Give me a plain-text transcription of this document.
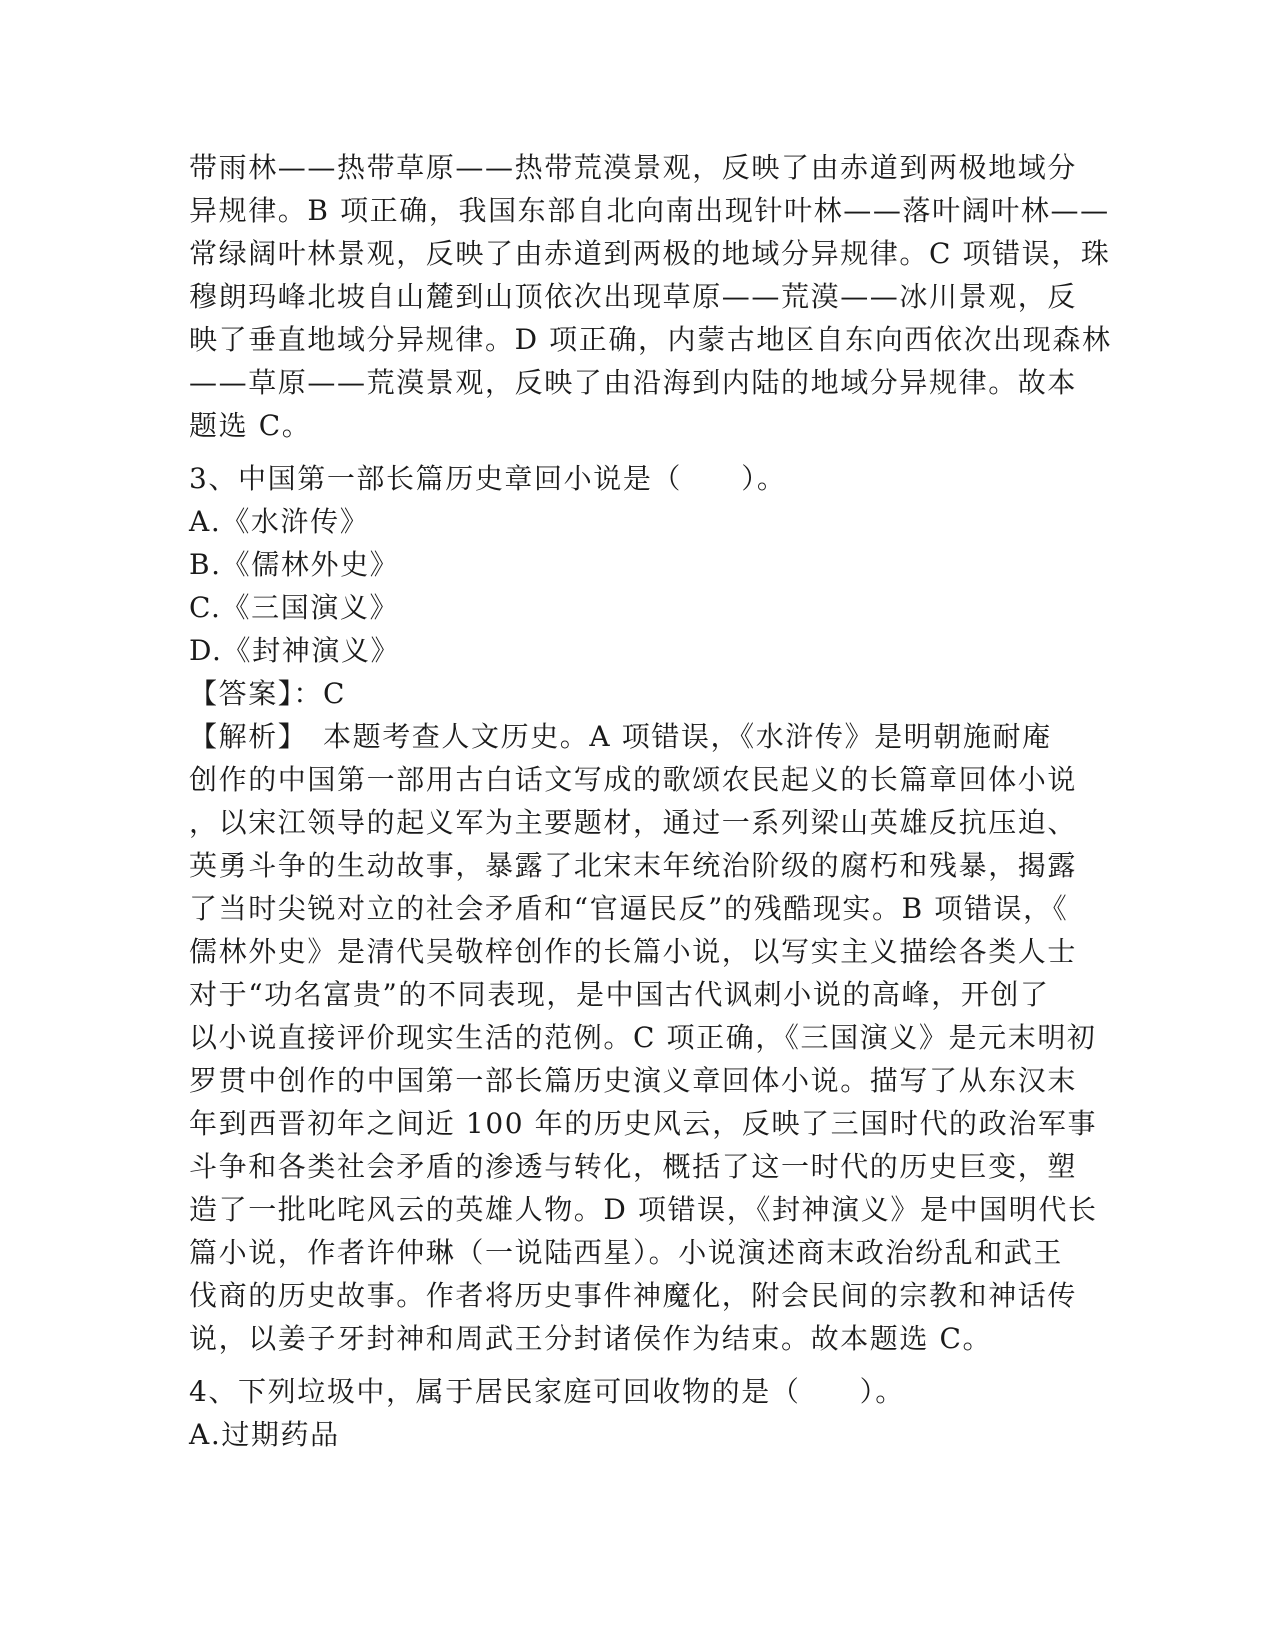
带雨林——热带草原——热带荒漠景观，反映了由赤道到两极地域分
异规律。B 项正确，我国东部自北向南出现针叶林——落叶阔叶林——
常绿阔叶林景观，反映了由赤道到两极的地域分异规律。C 项错误，珠
穆朗玛峰北坡自山麓到山顶依次出现草原——荒漠——冰川景观，反
映了垂直地域分异规律。D 项正确，内蒙古地区自东向西依次出现森林
——草原——荒漠景观，反映了由沿海到内陆的地域分异规律。故本
题选 C。
3、中国第一部长篇历史章回小说是（　　）。
A.《水浒传》
B.《儒林外史》
C.《三国演义》
D.《封神演义》
【答案】：C
【解析】　本题考查人文历史。A 项错误，《水浒传》是明朝施耐庵
创作的中国第一部用古白话文写成的歌颂农民起义的长篇章回体小说
，以宋江领导的起义军为主要题材，通过一系列梁山英雄反抗压迫、
英勇斗争的生动故事，暴露了北宋末年统治阶级的腐朽和残暴，揭露
了当时尖锐对立的社会矛盾和“官逼民反”的残酷现实。B 项错误，《
儒林外史》是清代吴敬梓创作的长篇小说，以写实主义描绘各类人士
对于“功名富贵”的不同表现，是中国古代讽刺小说的高峰，开创了
以小说直接评价现实生活的范例。C 项正确，《三国演义》是元末明初
罗贯中创作的中国第一部长篇历史演义章回体小说。描写了从东汉末
年到西晋初年之间近 100 年的历史风云，反映了三国时代的政治军事
斗争和各类社会矛盾的渗透与转化，概括了这一时代的历史巨变，塑
造了一批叱咤风云的英雄人物。D 项错误，《封神演义》是中国明代长
篇小说，作者许仲琳（一说陆西星）。小说演述商末政治纷乱和武王
伐商的历史故事。作者将历史事件神魔化，附会民间的宗教和神话传
说，以姜子牙封神和周武王分封诸侯作为结束。故本题选 C。
4、下列垃圾中，属于居民家庭可回收物的是（　　）。
A.过期药品
